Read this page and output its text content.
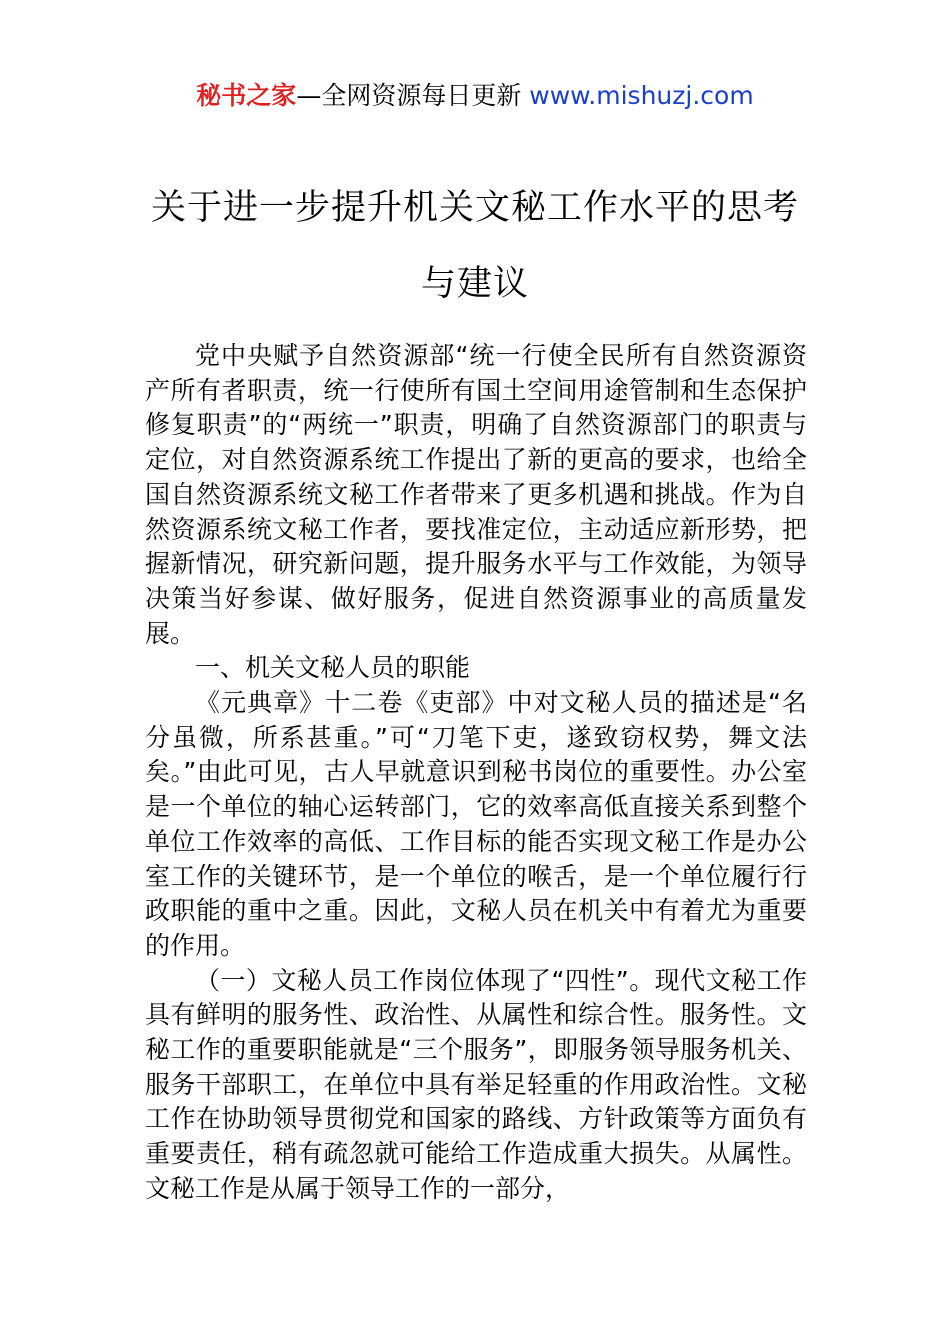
秘书之家—全网资源每日更新 www.mishuzj.com
关于进一步提升机关文秘工作水平的思考
与建议

党中央赋予自然资源部“统一行使全民所有自然资源资产所有者职责，统一行使所有国土空间用途管制和生态保护修复职责”的“两统一”职责，明确了自然资源部门的职责与定位，对自然资源系统工作提出了新的更高的要求，也给全国自然资源系统文秘工作者带来了更多机遇和挑战。作为自然资源系统文秘工作者，要找准定位，主动适应新形势，把握新情况，研究新问题，提升服务水平与工作效能，为领导决策当好参谋、做好服务，促进自然资源事业的高质量发展。

一、机关文秘人员的职能

《元典章》十二卷《吏部》中对文秘人员的描述是“名分虽微，所系甚重。”可“刀笔下吏，遂致窃权势，舞文法矣。”由此可见，古人早就意识到秘书岗位的重要性。办公室是一个单位的轴心运转部门，它的效率高低直接关系到整个单位工作效率的高低、工作目标的能否实现文秘工作是办公室工作的关键环节，是一个单位的喉舌，是一个单位履行行政职能的重中之重。因此，文秘人员在机关中有着尤为重要的作用。

（一）文秘人员工作岗位体现了“四性”。现代文秘工作具有鲜明的服务性、政治性、从属性和综合性。服务性。文秘工作的重要职能就是“三个服务”，即服务领导服务机关、服务干部职工，在单位中具有举足轻重的作用政治性。文秘工作在协助领导贯彻党和国家的路线、方针政策等方面负有重要责任，稍有疏忽就可能给工作造成重大损失。从属性。文秘工作是从属于领导工作的一部分，
